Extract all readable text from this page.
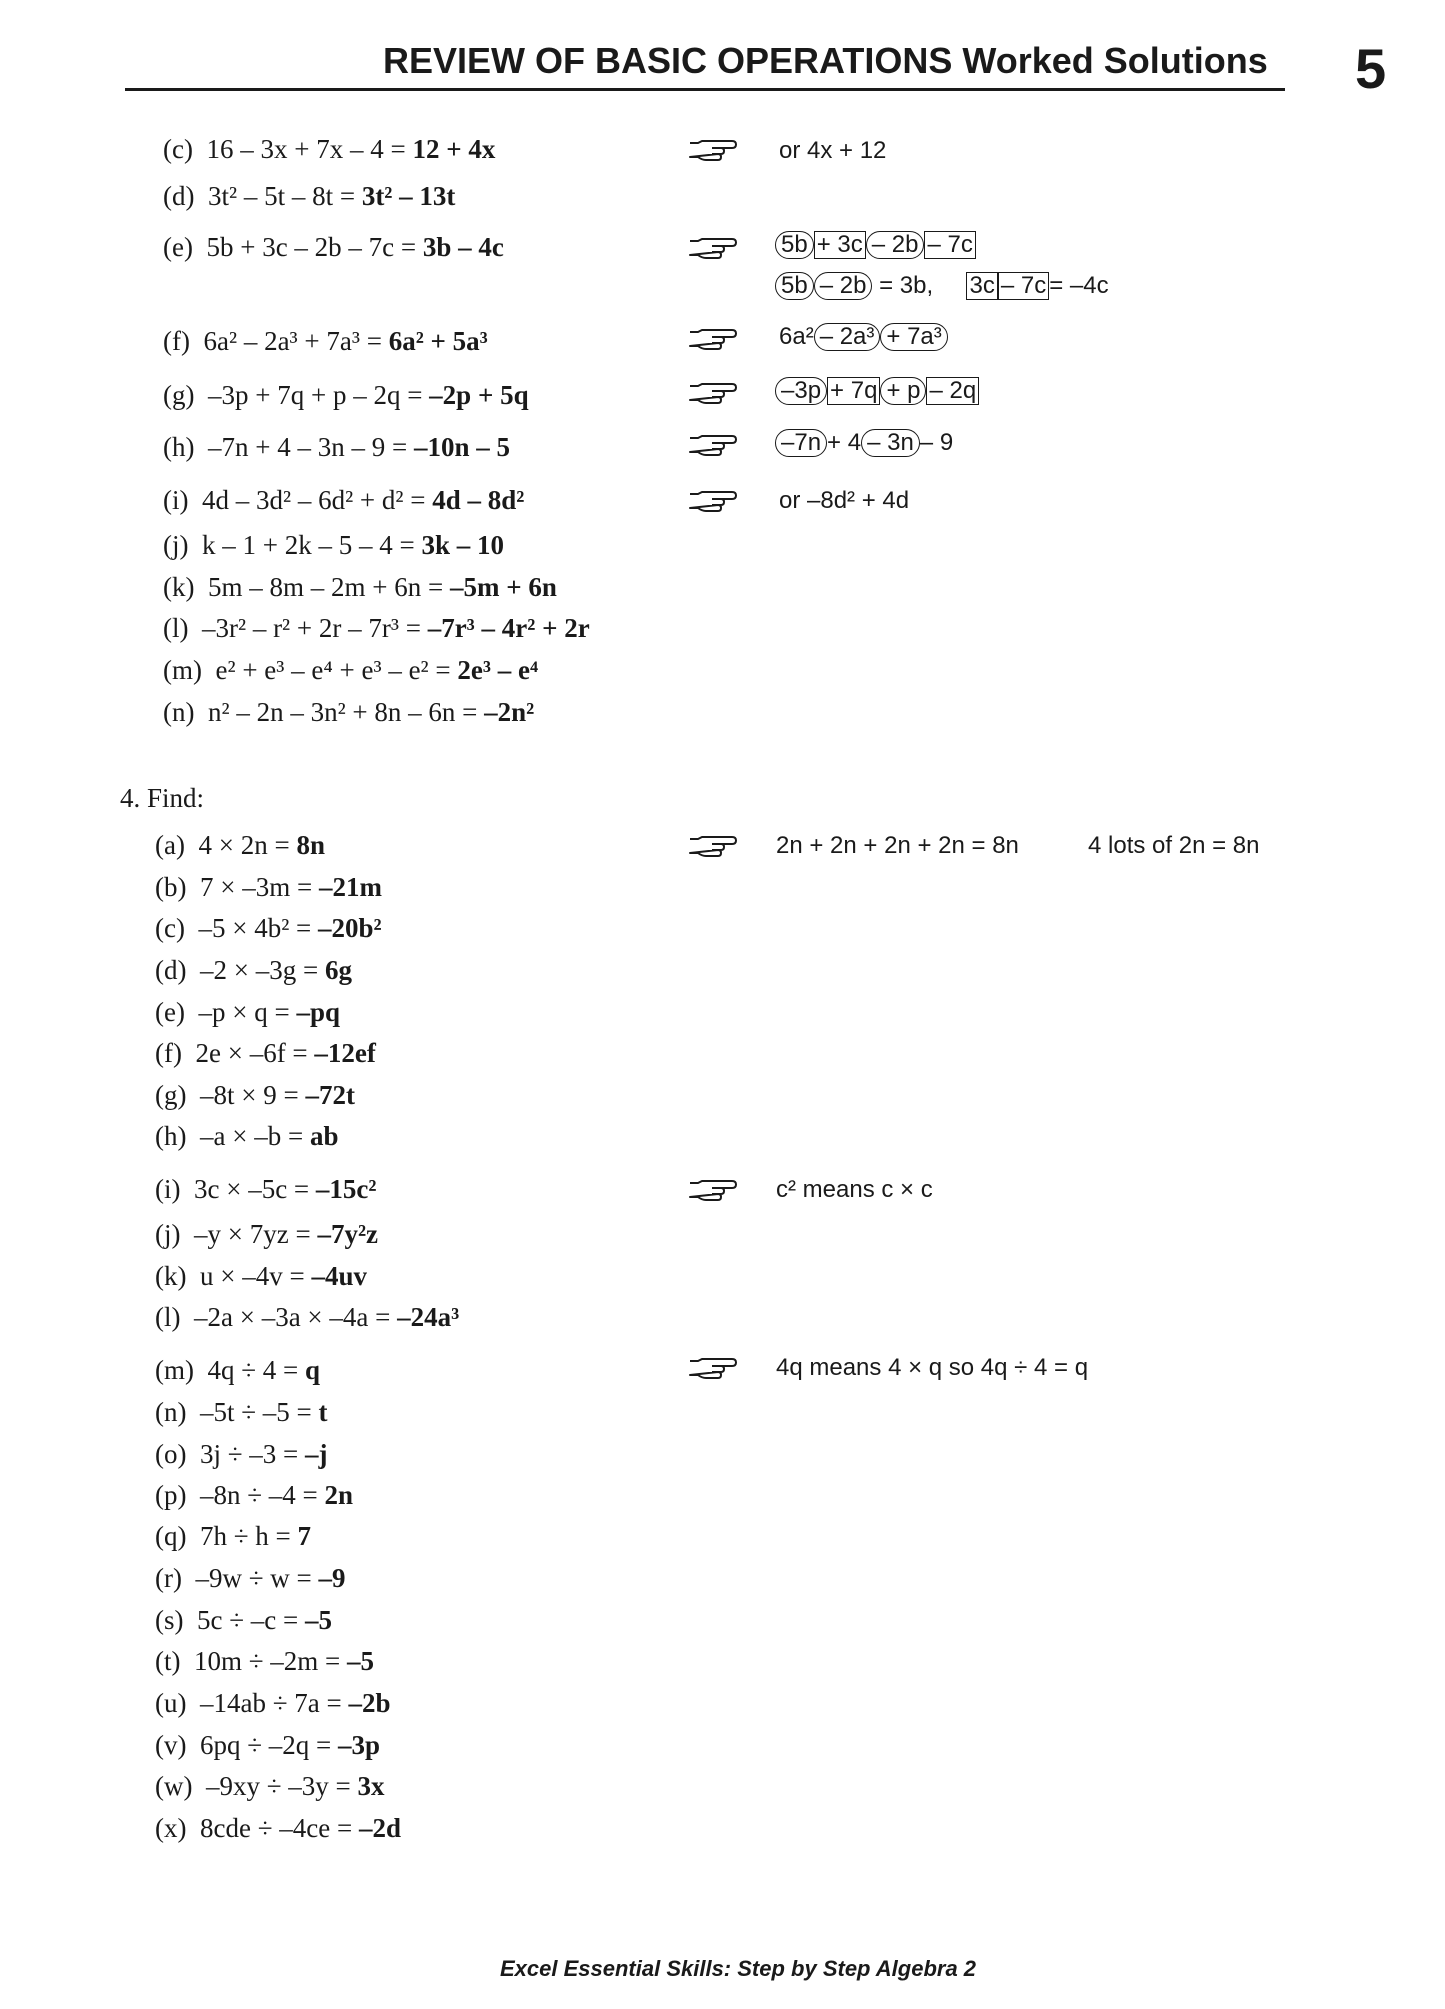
REVIEW OF BASIC OPERATIONS Worked Solutions 5
(c) 16 – 3x + 7x – 4 = 12 + 4x
(d) 3t² – 5t – 8t = 3t² – 13t
(e) 5b + 3c – 2b – 7c = 3b – 4c
(f) 6a² – 2a³ + 7a³ = 6a² + 5a³
(g) –3p + 7q + p – 2q = –2p + 5q
(h) –7n + 4 – 3n – 9 = –10n – 5
(i) 4d – 3d² – 6d² + d² = 4d – 8d²
(j) k – 1 + 2k – 5 – 4 = 3k – 10
(k) 5m – 8m – 2m + 6n = –5m + 6n
(l) –3r² – r² + 2r – 7r³ = –7r³ – 4r² + 2r
(m) e² + e³ – e⁴ + e³ – e² = 2e³ – e⁴
(n) n² – 2n – 3n² + 8n – 6n = –2n²
or 4x + 12
5b + 3c – 2b – 7c
5b – 2b = 3b, 3c – 7c = –4c
6a² – 2a³ + 7a³
–3p + 7q + p – 2q
–7n + 4 – 3n – 9
or –8d² + 4d
4. Find:
(a) 4 × 2n = 8n
(b) 7 × –3m = –21m
(c) –5 × 4b² = –20b²
(d) –2 × –3g = 6g
(e) –p × q = –pq
(f) 2e × –6f = –12ef
(g) –8t × 9 = –72t
(h) –a × –b = ab
(i) 3c × –5c = –15c²
(j) –y × 7yz = –7y²z
(k) u × –4v = –4uv
(l) –2a × –3a × –4a = –24a³
(m) 4q ÷ 4 = q
(n) –5t ÷ –5 = t
(o) 3j ÷ –3 = –j
(p) –8n ÷ –4 = 2n
(q) 7h ÷ h = 7
(r) –9w ÷ w = –9
(s) 5c ÷ –c = –5
(t) 10m ÷ –2m = –5
(u) –14ab ÷ 7a = –2b
(v) 6pq ÷ –2q = –3p
(w) –9xy ÷ –3y = 3x
(x) 8cde ÷ –4ce = –2d
2n + 2n + 2n + 2n = 8n	4 lots of 2n = 8n
c² means c × c
4q means 4 × q so 4q ÷ 4 = q
Excel Essential Skills: Step by Step Algebra 2
